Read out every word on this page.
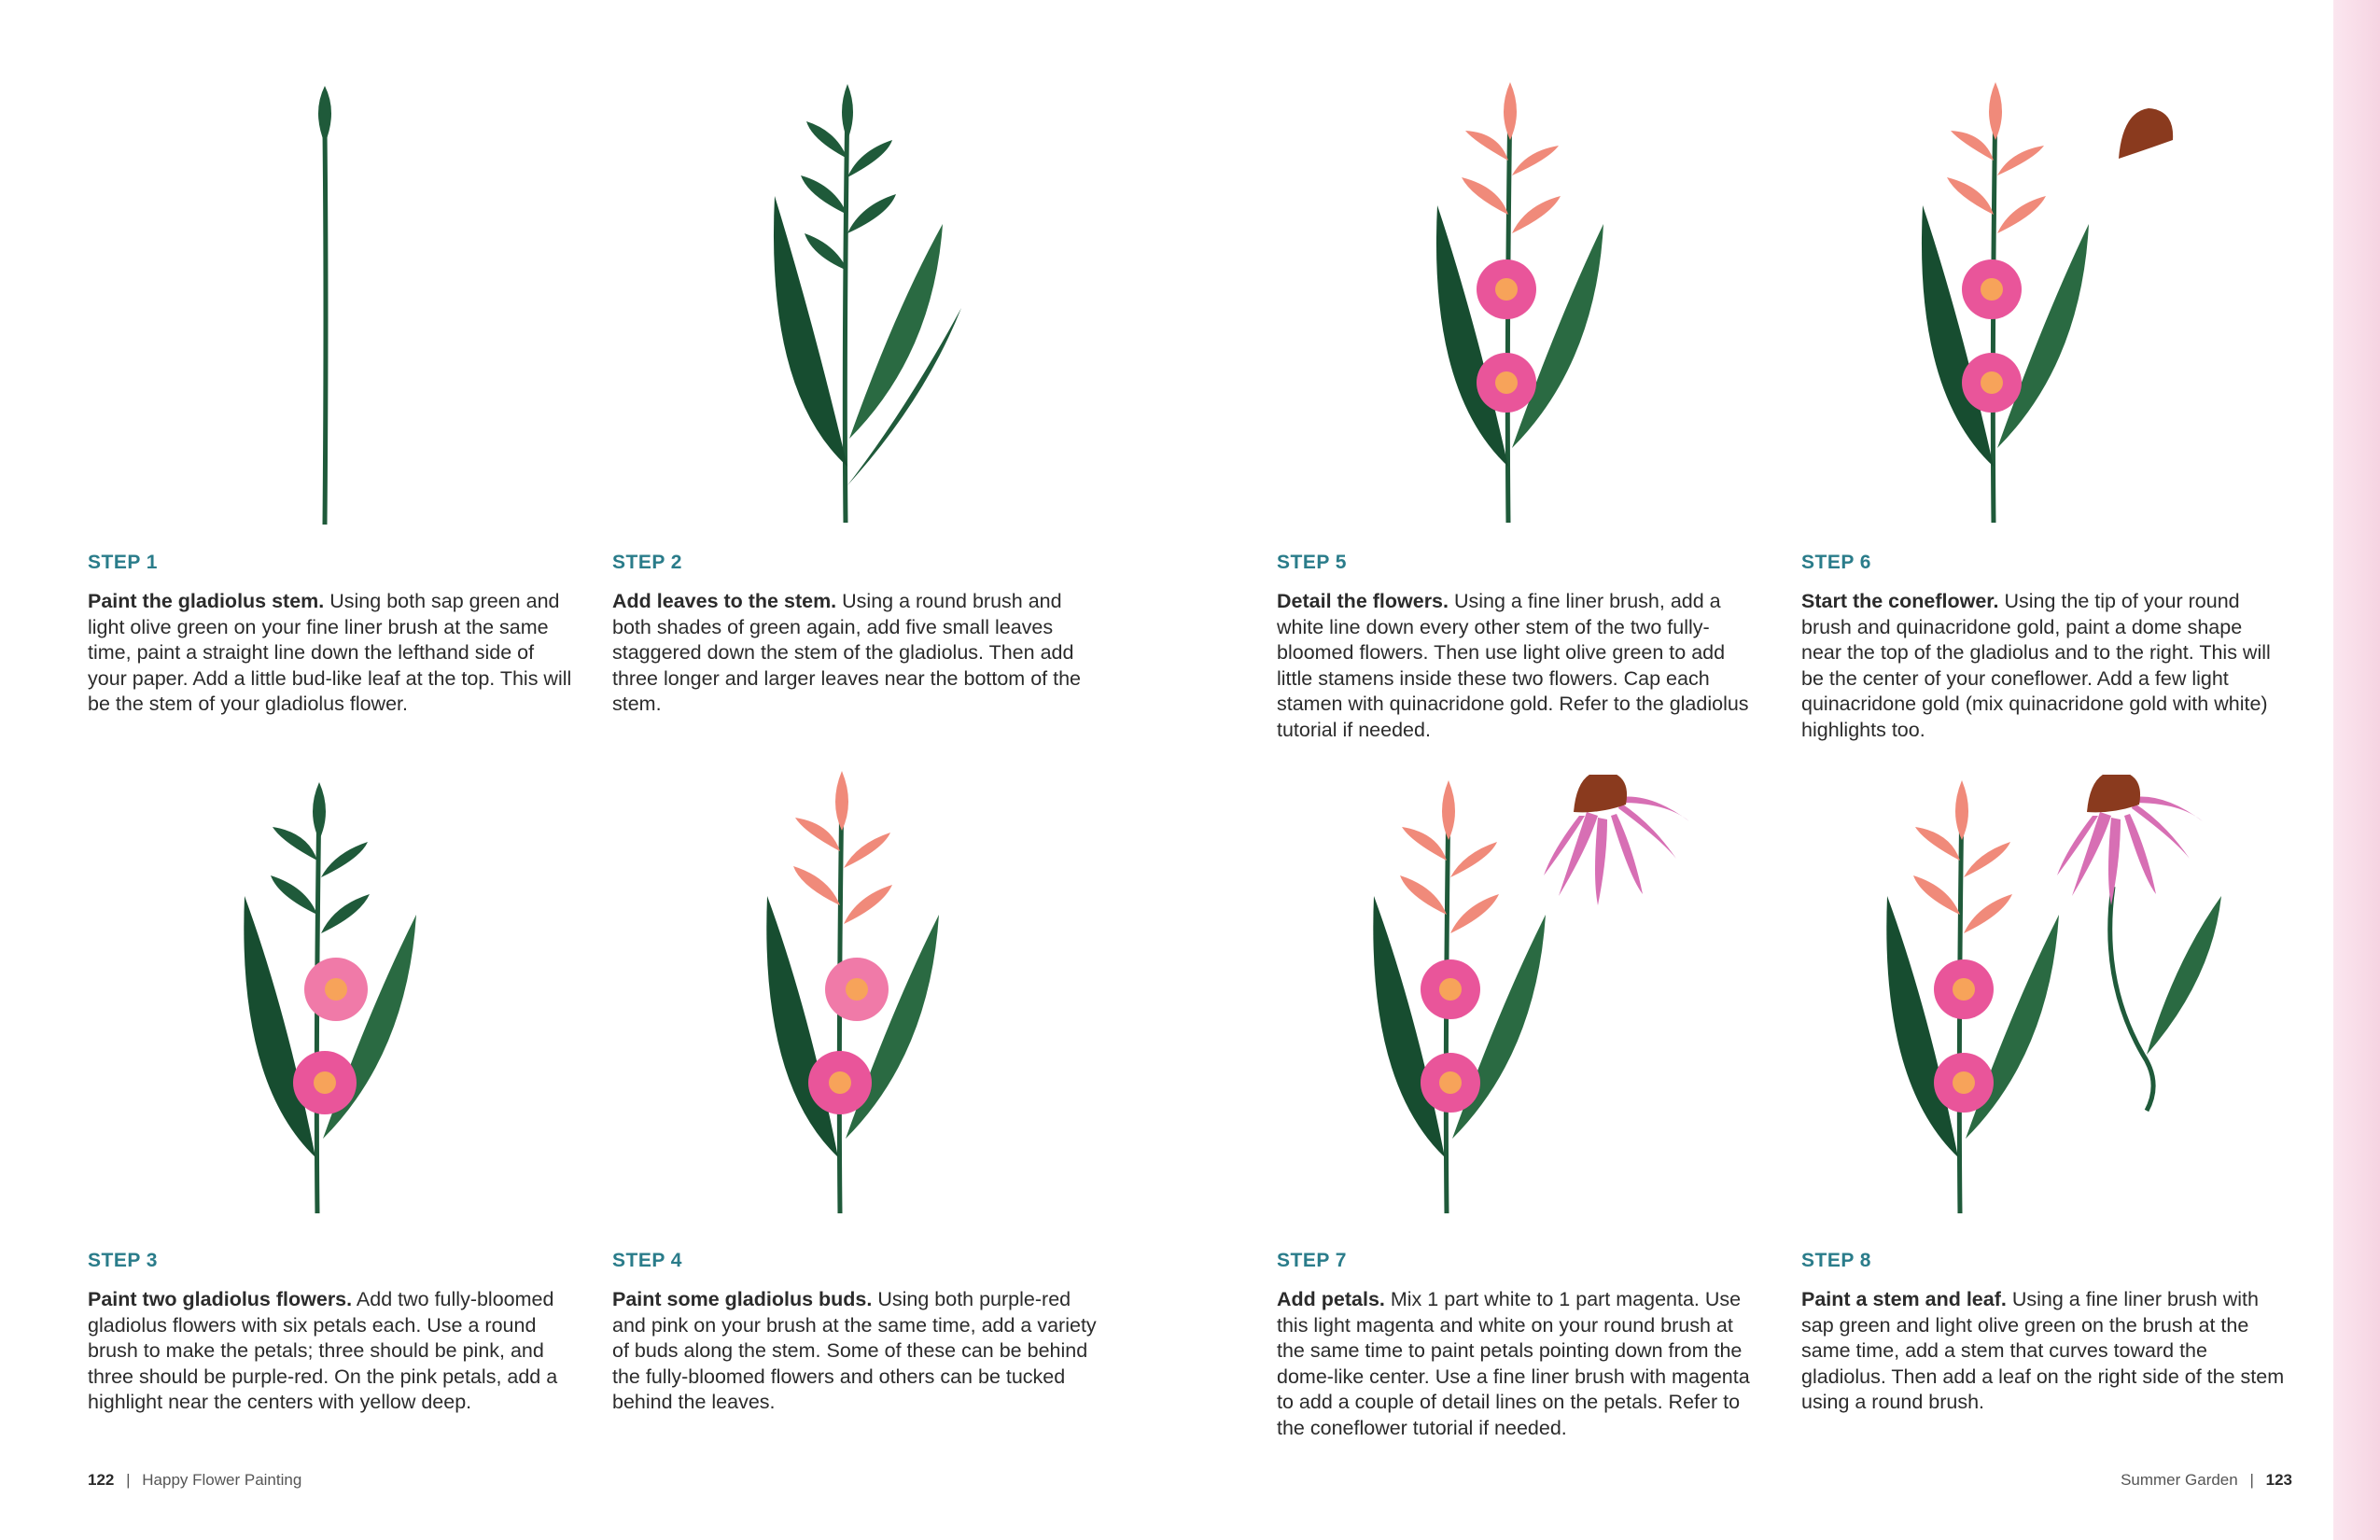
STEP 1

Paint the gladiolus stem. Using both sap green and light olive green on your fine liner brush at the same time, paint a straight line down the lefthand side of your paper. Add a little bud-like leaf at the top. This will be the stem of your gladiolus flower.

STEP 2

Add leaves to the stem. Using a round brush and both shades of green again, add five small leaves staggered down the stem of the gladiolus. Then add three longer and larger leaves near the bottom of the stem.

STEP 5

Detail the flowers. Using a fine liner brush, add a white line down every other stem of the two fully-bloomed flowers. Then use light olive green to add little stamens inside these two flowers. Cap each stamen with quinacridone gold. Refer to the gladiolus tutorial if needed.

STEP 6

Start the coneflower. Using the tip of your round brush and quinacridone gold, paint a dome shape near the top of the gladiolus and to the right. This will be the center of your coneflower. Add a few light quinacridone gold (mix quinacridone gold with white) highlights too.

STEP 3

Paint two gladiolus flowers. Add two fully-bloomed gladiolus flowers with six petals each. Use a round brush to make the petals; three should be pink, and three should be purple-red. On the pink petals, add a highlight near the centers with yellow deep.

STEP 4

Paint some gladiolus buds. Using both purple-red and pink on your brush at the same time, add a variety of buds along the stem. Some of these can be behind the fully-bloomed flowers and others can be tucked behind the leaves.

STEP 7

Add petals. Mix 1 part white to 1 part magenta. Use this light magenta and white on your round brush at the same time to paint petals pointing down from the dome-like center. Use a fine liner brush with magenta to add a couple of detail lines on the petals. Refer to the coneflower tutorial if needed.

STEP 8

Paint a stem and leaf. Using a fine liner brush with sap green and light olive green on the brush at the same time, add a stem that curves toward the gladiolus. Then add a leaf on the right side of the stem using a round brush.

122 | Happy Flower Painting	Summer Garden | 123
